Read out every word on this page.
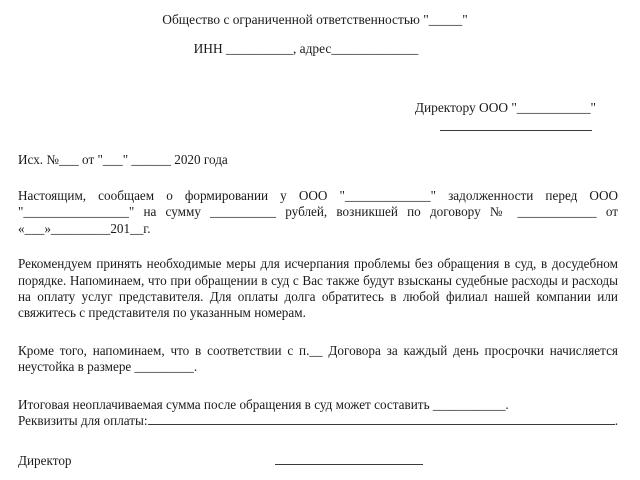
Общество с ограниченной ответственностью "_____"
ИНН __________, адрес_____________
Директору ООО "___________"
Исх. №___ от "___" ______ 2020 года
Настоящим, сообщаем о формировании у ООО "_____________" задолженности перед ООО "________________" на сумму __________ рублей, возникшей по договору № ____________ от «___»_________201__г.
Рекомендуем принять необходимые меры для исчерпания проблемы без обращения в суд, в досудебном порядке. Напоминаем, что при обращении в суд с Вас также будут взысканы судебные расходы и расходы на оплату услуг представителя. Для оплаты долга обратитесь в любой филиал нашей компании или свяжитесь с представителя по указанным номерам.
Кроме того, напоминаем, что в соответствии с п.__ Договора за каждый день просрочки начисляется неустойка в размере _________.
Итоговая неоплачиваемая сумма после обращения в суд может составить ___________.
Реквизиты для оплаты:	.
Директор
